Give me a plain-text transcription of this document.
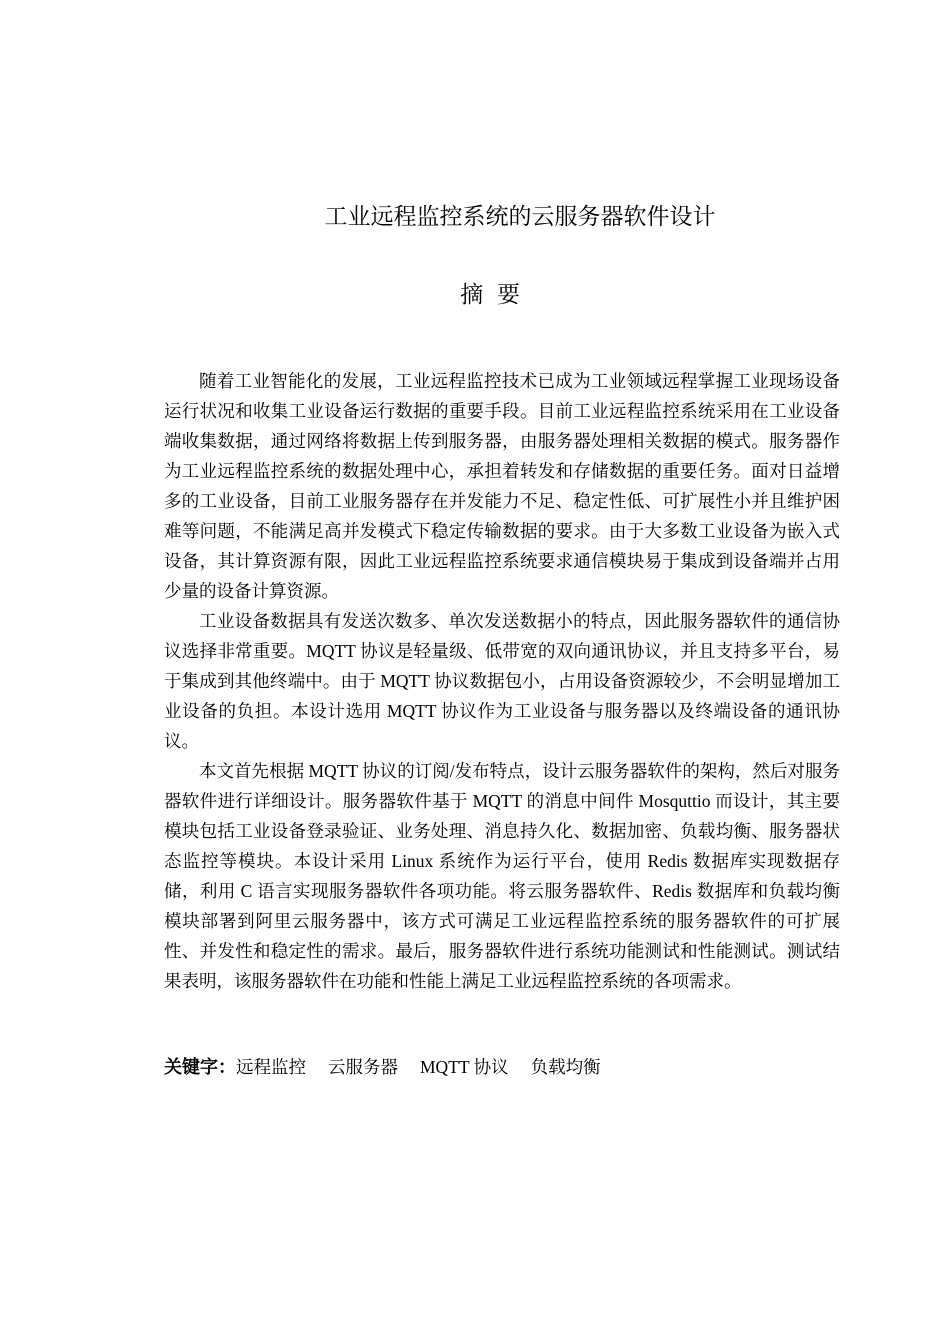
工业远程监控系统的云服务器软件设计
摘要

随着工业智能化的发展，工业远程监控技术已成为工业领域远程掌握工业现场设备运行状况和收集工业设备运行数据的重要手段。目前工业远程监控系统采用在工业设备端收集数据，通过网络将数据上传到服务器，由服务器处理相关数据的模式。服务器作为工业远程监控系统的数据处理中心，承担着转发和存储数据的重要任务。面对日益增多的工业设备，目前工业服务器存在并发能力不足、稳定性低、可扩展性小并且维护困难等问题，不能满足高并发模式下稳定传输数据的要求。由于大多数工业设备为嵌入式设备，其计算资源有限，因此工业远程监控系统要求通信模块易于集成到设备端并占用少量的设备计算资源。

工业设备数据具有发送次数多、单次发送数据小的特点，因此服务器软件的通信协议选择非常重要。MQTT 协议是轻量级、低带宽的双向通讯协议，并且支持多平台，易于集成到其他终端中。由于 MQTT 协议数据包小，占用设备资源较少，不会明显增加工业设备的负担。本设计选用 MQTT 协议作为工业设备与服务器以及终端设备的通讯协议。

本文首先根据 MQTT 协议的订阅/发布特点，设计云服务器软件的架构，然后对服务器软件进行详细设计。服务器软件基于 MQTT 的消息中间件 Mosquttio 而设计，其主要模块包括工业设备登录验证、业务处理、消息持久化、数据加密、负载均衡、服务器状态监控等模块。本设计采用 Linux 系统作为运行平台，使用 Redis 数据库实现数据存储，利用 C 语言实现服务器软件各项功能。将云服务器软件、Redis 数据库和负载均衡模块部署到阿里云服务器中，该方式可满足工业远程监控系统的服务器软件的可扩展性、并发性和稳定性的需求。最后，服务器软件进行系统功能测试和性能测试。测试结果表明，该服务器软件在功能和性能上满足工业远程监控系统的各项需求。

关键字：远程监控 云服务器 MQTT 协议 负载均衡
